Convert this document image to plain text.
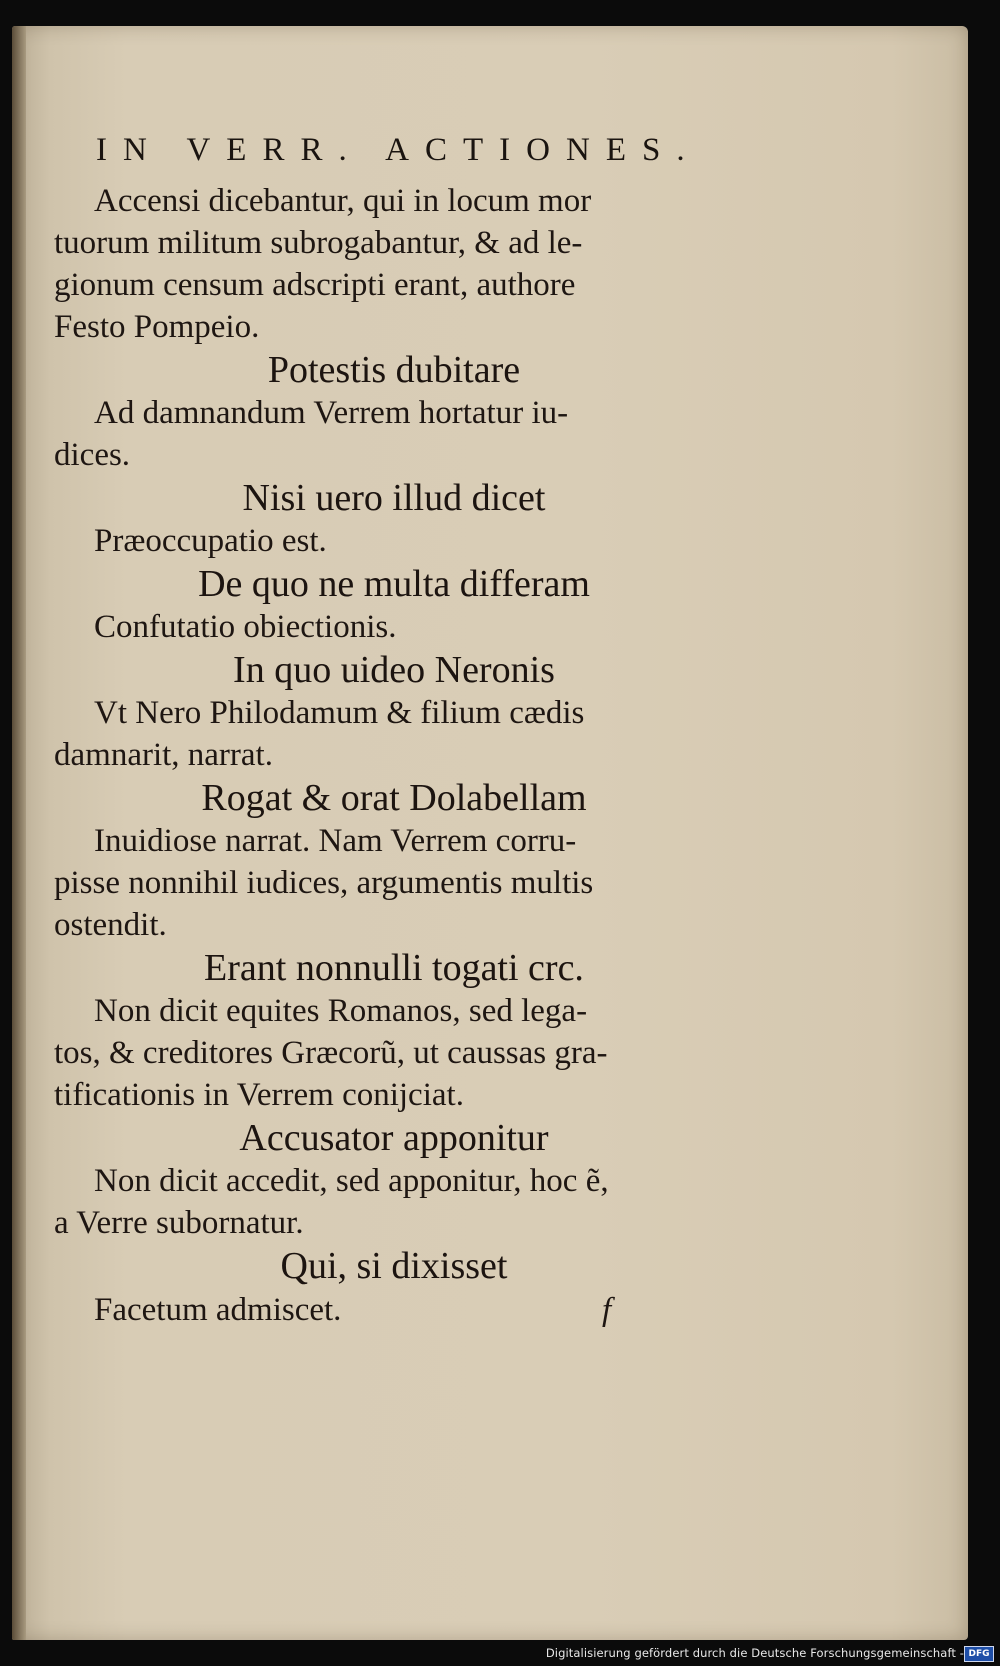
IN VERR. ACTIONES.
Accensi dicebantur, qui in locum mor
tuorum militum subrogabantur, & ad le-
gionum censum adscripti erant, authore
Festo Pompeio.
Potestis dubitare
Ad damnandum Verrem hortatur iu-
dices.
Nisi uero illud dicet
Præoccupatio est.
De quo ne multa differam
Confutatio obiectionis.
In quo uideo Neronis
Vt Nero Philodamum & filium cædis
damnarit, narrat.
Rogat & orat Dolabellam
Inuidiose narrat. Nam Verrem corru-
pisse nonnihil iudices, argumentis multis
ostendit.
Erant nonnulli togati crc.
Non dicit equites Romanos, sed lega-
tos, & creditores Græcorũ, ut caussas gra-
tificationis in Verrem conijciat.
Accusator apponitur
Non dicit accedit, sed apponitur, hoc ẽ,
a Verre subornatur.
Qui, si dixisset
Facetum admiscet.	f
Digitalisierung gefördert durch die Deutsche Forschungsgemeinschaft - DFG
